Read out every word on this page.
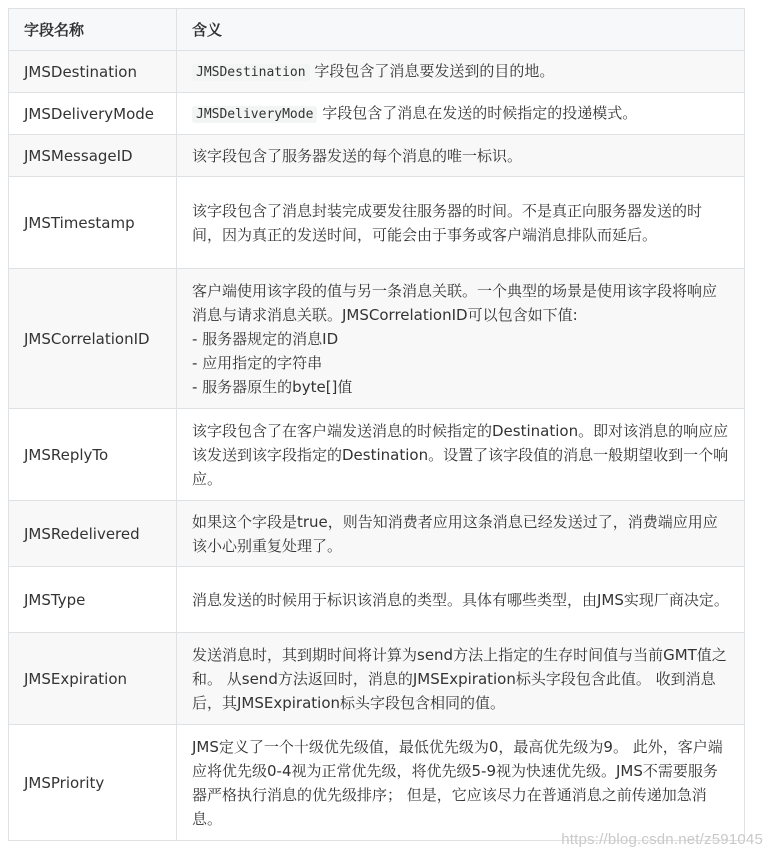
字段名称	含义
JMSDestination	JMSDestination 字段包含了消息要发送到的目的地。
JMSDeliveryMode	JMSDeliveryMode 字段包含了消息在发送的时候指定的投递模式。
JMSMessageID	该字段包含了服务器发送的每个消息的唯一标识。
JMSTimestamp	该字段包含了消息封装完成要发往服务器的时间。不是真正向服务器发送的时间，因为真正的发送时间，可能会由于事务或客户端消息排队而延后。
JMSCorrelationID	客户端使用该字段的值与另一条消息关联。一个典型的场景是使用该字段将响应消息与请求消息关联。JMSCorrelationID可以包含如下值:
- 服务器规定的消息ID
- 应用指定的字符串
- 服务器原生的byte[]值

JMSReplyTo	该字段包含了在客户端发送消息的时候指定的Destination。即对该消息的响应应该发送到该字段指定的Destination。设置了该字段值的消息一般期望收到一个响应。
JMSRedelivered	如果这个字段是true，则告知消费者应用这条消息已经发送过了，消费端应用应该小心别重复处理了。
JMSType	消息发送的时候用于标识该消息的类型。具体有哪些类型，由JMS实现厂商决定。
JMSExpiration	发送消息时，其到期时间将计算为send方法上指定的生存时间值与当前GMT值之和。 从send方法返回时，消息的JMSExpiration标头字段包含此值。 收到消息后，其JMSExpiration标头字段包含相同的值。
JMSPriority	JMS定义了一个十级优先级值，最低优先级为0，最高优先级为9。 此外，客户端应将优先级0-4视为正常优先级，将优先级5-9视为快速优先级。JMS不需要服务器严格执行消息的优先级排序； 但是，它应该尽力在普通消息之前传递加急消息。
https://blog.csdn.net/z591045
